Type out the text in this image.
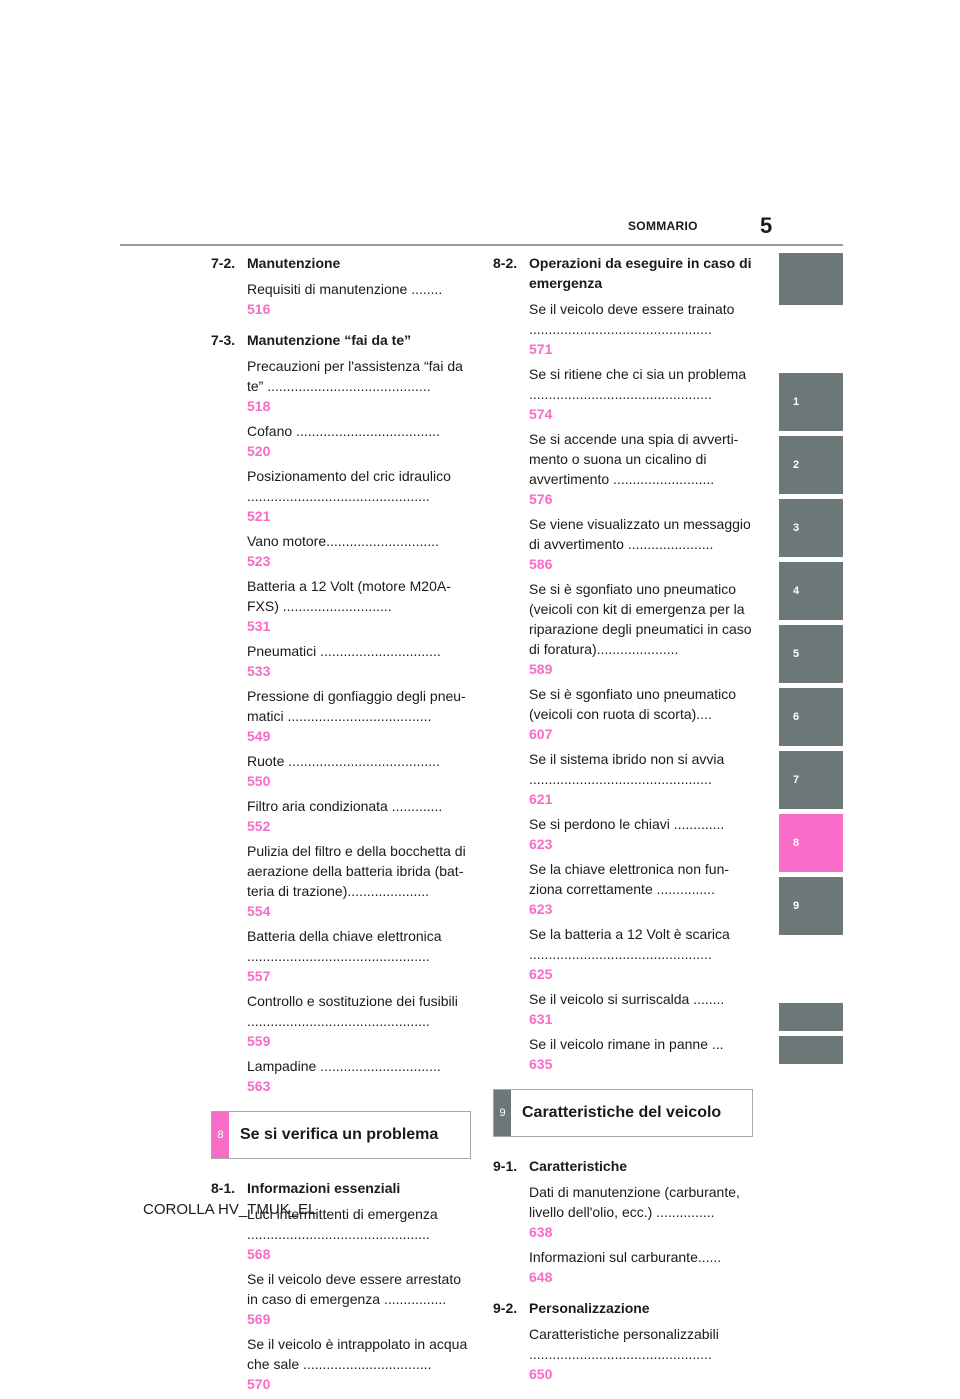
SOMMARIO	5
1
2
3
4
5
6
7
8
9
7-2. Manutenzione
Requisiti di manutenzione ........
516
7-3. Manutenzione “fai da te”
Precauzioni per l'assistenza “fai da te” ..........................................
518
Cofano .....................................
520
Posizionamento del cric idraulico ...............................................
521
Vano motore.............................
523
Batteria a 12 Volt (motore M20A-FXS) ............................
531
Pneumatici ...............................
533
Pressione di gonfiaggio degli pneu- matici .....................................
549
Ruote .......................................
550
Filtro aria condizionata .............
552
Pulizia del filtro e della bocchetta di aerazione della batteria ibrida (bat- teria di trazione).....................
554
Batteria della chiave elettronica ...............................................
557
Controllo e sostituzione dei fusibili ...............................................
559
Lampadine ...............................
563
8	Se si verifica un problema
8-1. Informazioni essenziali
Luci intermittenti di emergenza ...............................................
568
Se il veicolo deve essere arrestato in caso di emergenza ................
569
Se il veicolo è intrappolato in acqua che sale .................................
570
8-2. Operazioni da eseguire in caso di emergenza
Se il veicolo deve essere trainato ...............................................
571
Se si ritiene che ci sia un problema ...............................................
574
Se si accende una spia di avverti- mento o suona un cicalino di avvertimento ..........................
576
Se viene visualizzato un messaggio di avvertimento ......................
586
Se si è sgonfiato uno pneumatico (veicoli con kit di emergenza per la riparazione degli pneumatici in caso di foratura).....................
589
Se si è sgonfiato uno pneumatico (veicoli con ruota di scorta)....
607
Se il sistema ibrido non si avvia ...............................................
621
Se si perdono le chiavi .............
623
Se la chiave elettronica non fun- ziona correttamente ...............
623
Se la batteria a 12 Volt è scarica ...............................................
625
Se il veicolo si surriscalda ........
631
Se il veicolo rimane in panne ...
635
9	Caratteristiche del veicolo
9-1. Caratteristiche
Dati di manutenzione (carburante, livello dell'olio, ecc.) ...............
638
Informazioni sul carburante......
648
9-2. Personalizzazione
Caratteristiche personalizzabili ...............................................
650
COROLLA HV_TMUK_EL
